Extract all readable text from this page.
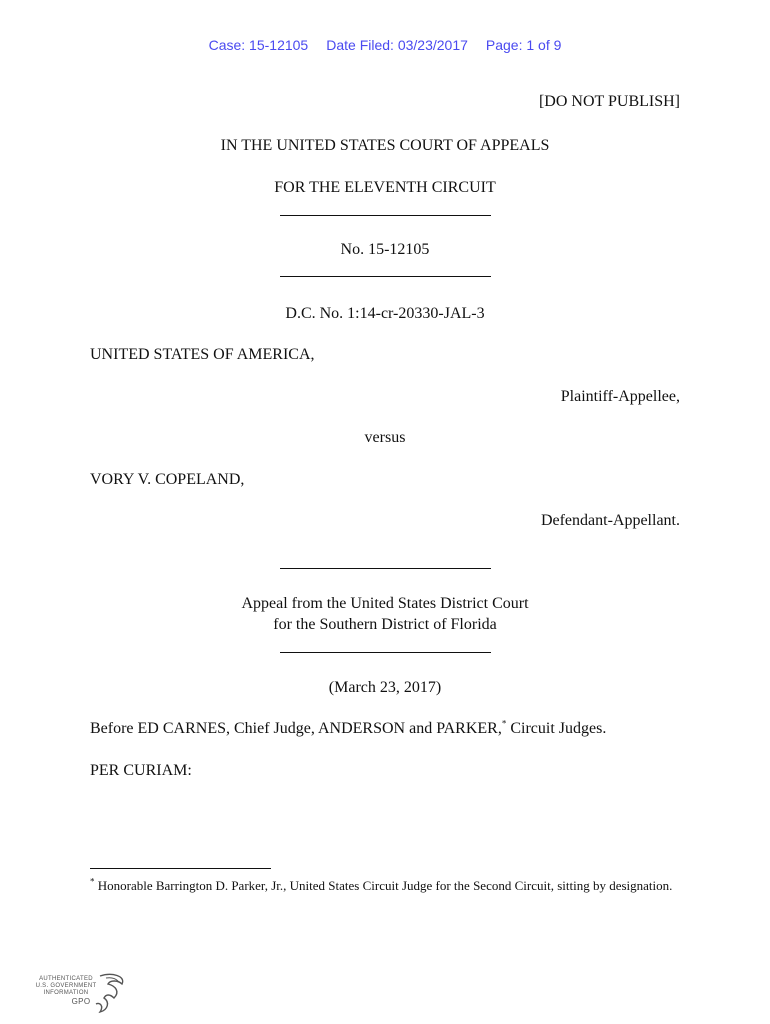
Case: 15-12105 Date Filed: 03/23/2017 Page: 1 of 9
[DO NOT PUBLISH]
IN THE UNITED STATES COURT OF APPEALS
FOR THE ELEVENTH CIRCUIT
No. 15-12105
D.C. No. 1:14-cr-20330-JAL-3
UNITED STATES OF AMERICA,
Plaintiff-Appellee,
versus
VORY V. COPELAND,
Defendant-Appellant.
Appeal from the United States District Court
for the Southern District of Florida
(March 23, 2017)
Before ED CARNES, Chief Judge, ANDERSON and PARKER,* Circuit Judges.
PER CURIAM:
* Honorable Barrington D. Parker, Jr., United States Circuit Judge for the Second Circuit, sitting by designation.
AUTHENTICATED
U.S. GOVERNMENT
INFORMATION
GPO
